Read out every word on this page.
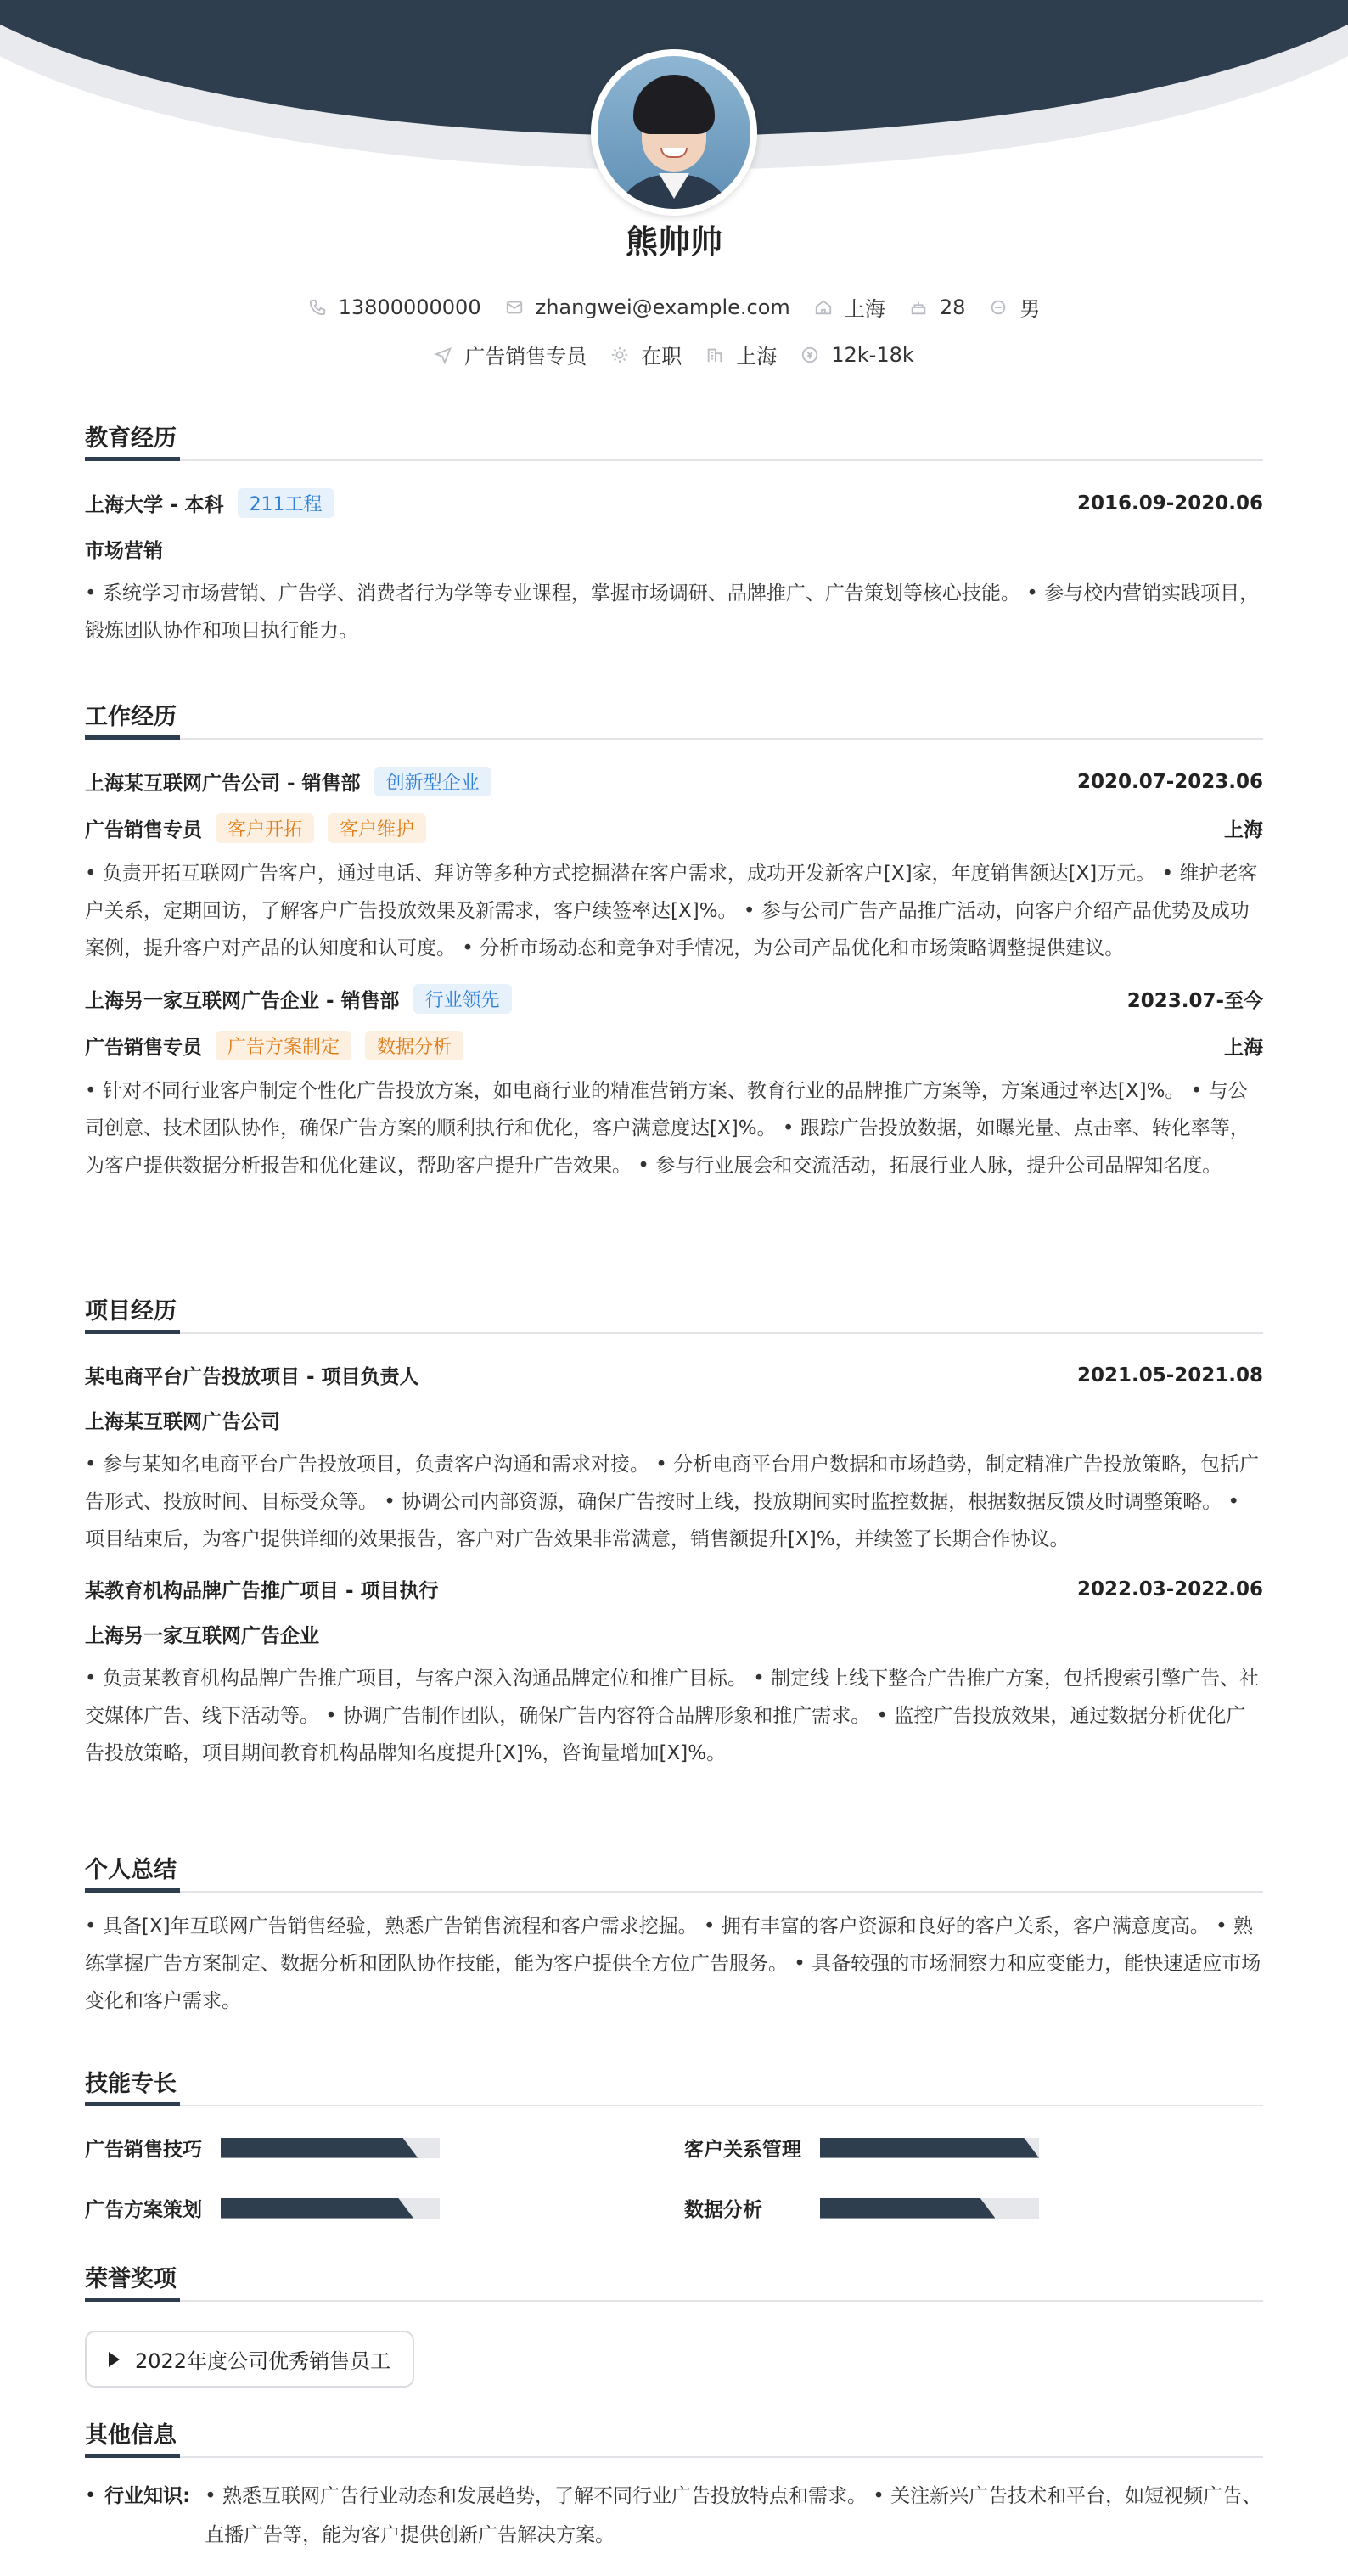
熊帅帅
13800000000	zhangwei@example.com	上海	28	男
广告销售专员	在职	上海	12k-18k
教育经历
上海大学 - 本科	211工程	2016.09-2020.06
市场营销
• 系统学习市场营销、广告学、消费者行为学等专业课程，掌握市场调研、品牌推广、广告策划等核心技能。 • 参与校内营销实践项目，锻炼团队协作和项目执行能力。
工作经历
上海某互联网广告公司 - 销售部	创新型企业	2020.07-2023.06
广告销售专员	客户开拓	客户维护	上海
• 负责开拓互联网广告客户，通过电话、拜访等多种方式挖掘潜在客户需求，成功开发新客户[X]家，年度销售额达[X]万元。 • 维护老客户关系，定期回访，了解客户广告投放效果及新需求，客户续签率达[X]%。 • 参与公司广告产品推广活动，向客户介绍产品优势及成功案例，提升客户对产品的认知度和认可度。 • 分析市场动态和竞争对手情况，为公司产品优化和市场策略调整提供建议。
上海另一家互联网广告企业 - 销售部	行业领先	2023.07-至今
广告销售专员	广告方案制定	数据分析	上海
• 针对不同行业客户制定个性化广告投放方案，如电商行业的精准营销方案、教育行业的品牌推广方案等，方案通过率达[X]%。 • 与公司创意、技术团队协作，确保广告方案的顺利执行和优化，客户满意度达[X]%。 • 跟踪广告投放数据，如曝光量、点击率、转化率等，为客户提供数据分析报告和优化建议，帮助客户提升广告效果。 • 参与行业展会和交流活动，拓展行业人脉，提升公司品牌知名度。
项目经历
某电商平台广告投放项目 - 项目负责人	2021.05-2021.08
上海某互联网广告公司
• 参与某知名电商平台广告投放项目，负责客户沟通和需求对接。 • 分析电商平台用户数据和市场趋势，制定精准广告投放策略，包括广告形式、投放时间、目标受众等。 • 协调公司内部资源，确保广告按时上线，投放期间实时监控数据，根据数据反馈及时调整策略。 • 项目结束后，为客户提供详细的效果报告，客户对广告效果非常满意，销售额提升[X]%，并续签了长期合作协议。
某教育机构品牌广告推广项目 - 项目执行	2022.03-2022.06
上海另一家互联网广告企业
• 负责某教育机构品牌广告推广项目，与客户深入沟通品牌定位和推广目标。 • 制定线上线下整合广告推广方案，包括搜索引擎广告、社交媒体广告、线下活动等。 • 协调广告制作团队，确保广告内容符合品牌形象和推广需求。 • 监控广告投放效果，通过数据分析优化广告投放策略，项目期间教育机构品牌知名度提升[X]%，咨询量增加[X]%。
个人总结
• 具备[X]年互联网广告销售经验，熟悉广告销售流程和客户需求挖掘。 • 拥有丰富的客户资源和良好的客户关系，客户满意度高。 • 熟练掌握广告方案制定、数据分析和团队协作技能，能为客户提供全方位广告服务。 • 具备较强的市场洞察力和应变能力，能快速适应市场变化和客户需求。
技能专长
广告销售技巧	客户关系管理
广告方案策划	数据分析
荣誉奖项
2022年度公司优秀销售员工
其他信息
• 行业知识: • 熟悉互联网广告行业动态和发展趋势，了解不同行业广告投放特点和需求。 • 关注新兴广告技术和平台，如短视频广告、直播广告等，能为客户提供创新广告解决方案。
